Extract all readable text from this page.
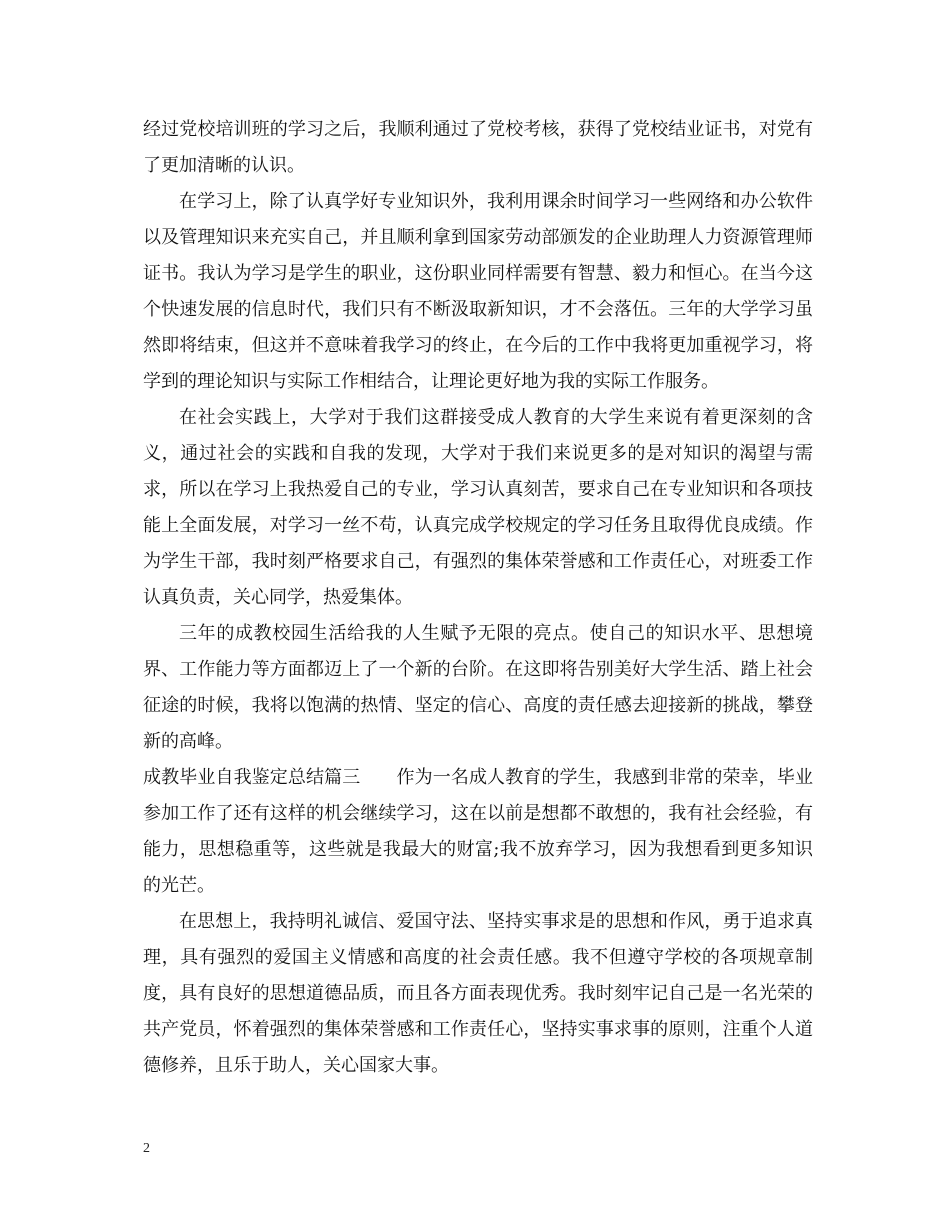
经过党校培训班的学习之后，我顺利通过了党校考核，获得了党校结业证书，对党有了更加清晰的认识。

在学习上，除了认真学好专业知识外，我利用课余时间学习一些网络和办公软件以及管理知识来充实自己，并且顺利拿到国家劳动部颁发的企业助理人力资源管理师证书。我认为学习是学生的职业，这份职业同样需要有智慧、毅力和恒心。在当今这个快速发展的信息时代，我们只有不断汲取新知识，才不会落伍。三年的大学学习虽然即将结束，但这并不意味着我学习的终止，在今后的工作中我将更加重视学习，将学到的理论知识与实际工作相结合，让理论更好地为我的实际工作服务。

在社会实践上，大学对于我们这群接受成人教育的大学生来说有着更深刻的含义，通过社会的实践和自我的发现，大学对于我们来说更多的是对知识的渴望与需求，所以在学习上我热爱自己的专业，学习认真刻苦，要求自己在专业知识和各项技能上全面发展，对学习一丝不苟，认真完成学校规定的学习任务且取得优良成绩。作为学生干部，我时刻严格要求自己，有强烈的集体荣誉感和工作责任心，对班委工作认真负责，关心同学，热爱集体。

三年的成教校园生活给我的人生赋予无限的亮点。使自己的知识水平、思想境界、工作能力等方面都迈上了一个新的台阶。在这即将告别美好大学生活、踏上社会征途的时候，我将以饱满的热情、坚定的信心、高度的责任感去迎接新的挑战，攀登新的高峰。

成教毕业自我鉴定总结篇三 作为一名成人教育的学生，我感到非常的荣幸，毕业参加工作了还有这样的机会继续学习，这在以前是想都不敢想的，我有社会经验，有能力，思想稳重等，这些就是我最大的财富;我不放弃学习，因为我想看到更多知识的光芒。

在思想上，我持明礼诚信、爱国守法、坚持实事求是的思想和作风，勇于追求真理，具有强烈的爱国主义情感和高度的社会责任感。我不但遵守学校的各项规章制度，具有良好的思想道德品质，而且各方面表现优秀。我时刻牢记自己是一名光荣的共产党员，怀着强烈的集体荣誉感和工作责任心，坚持实事求事的原则，注重个人道德修养，且乐于助人，关心国家大事。

2
